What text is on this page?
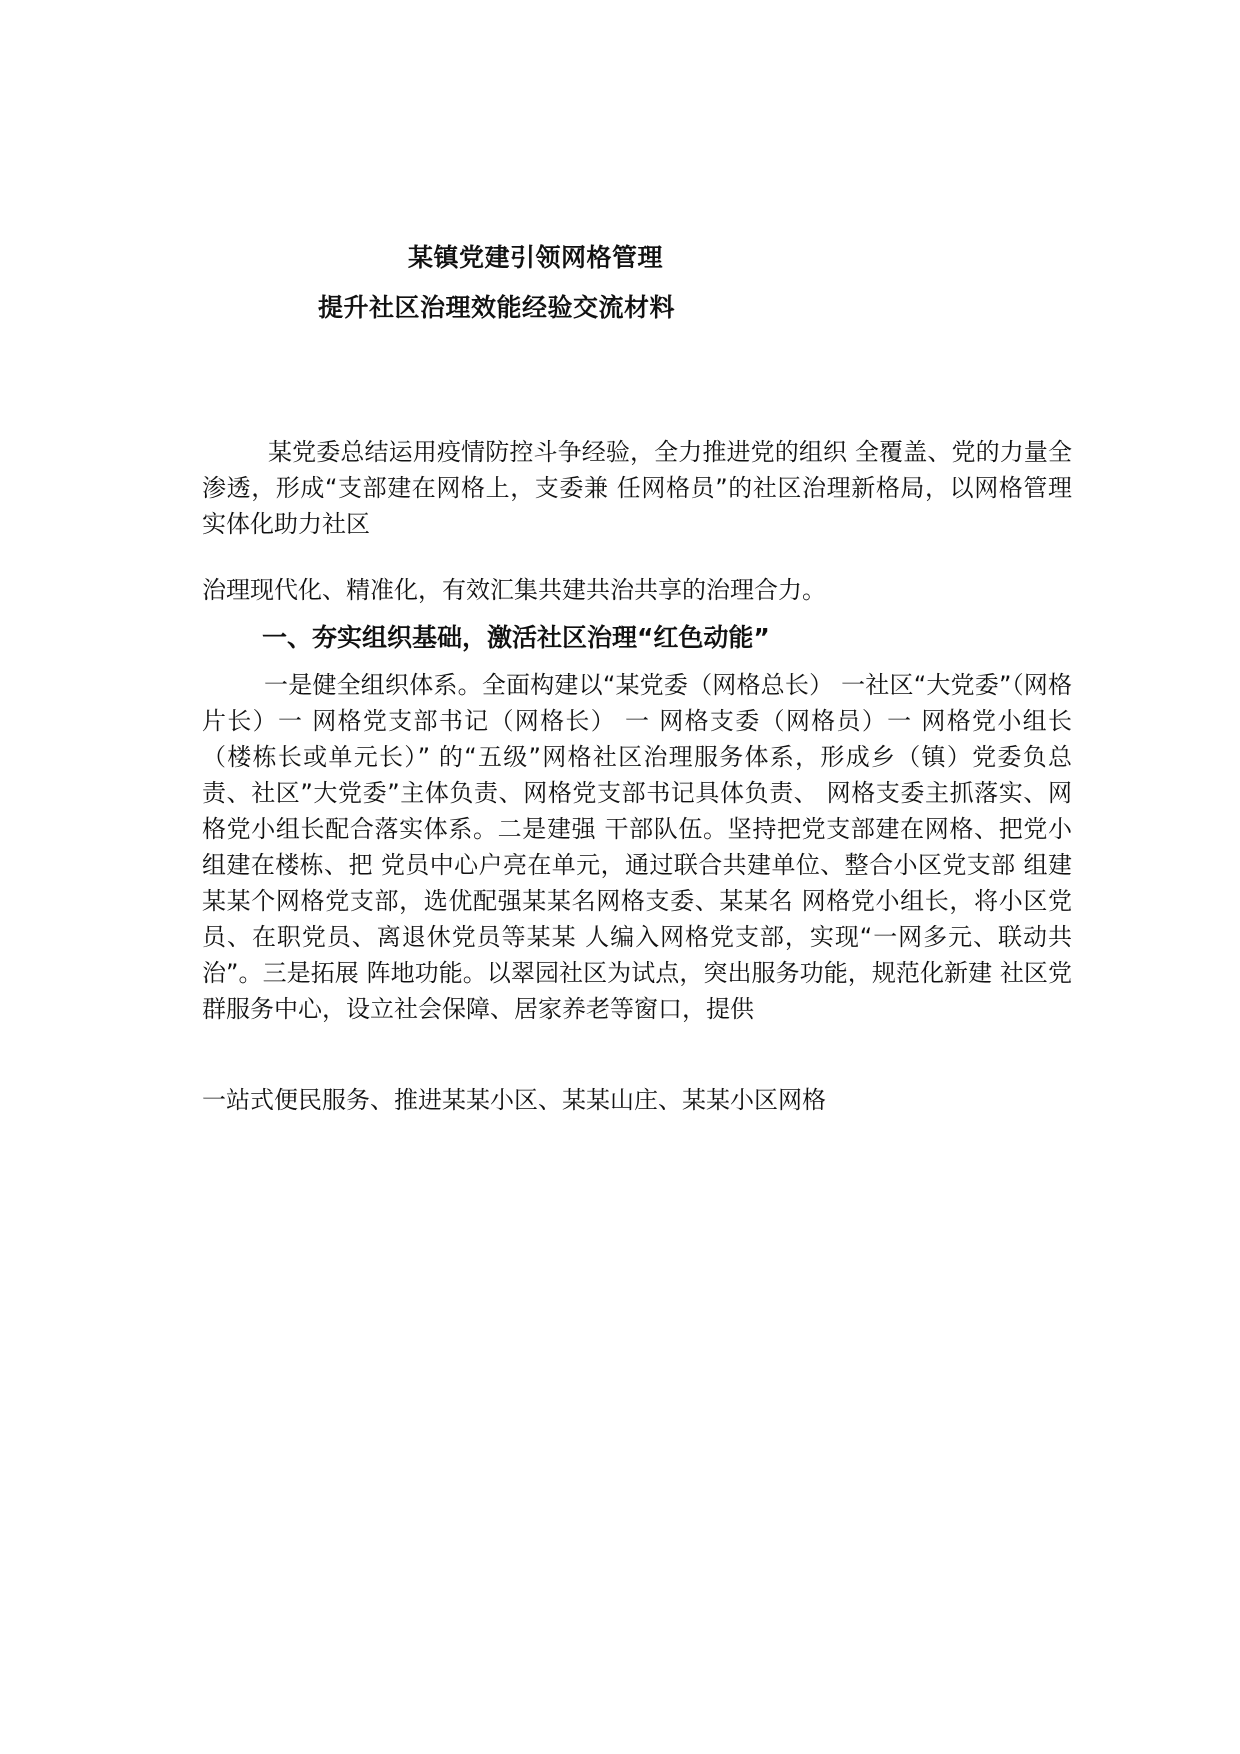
某镇党建引领网格管理
提升社区治理效能经验交流材料
某党委总结运用疫情防控斗争经验，全力推进党的组织 全覆盖、党的力量全渗透，形成“支部建在网格上，支委兼 任网格员”的社区治理新格局，以网格管理实体化助力社区
治理现代化、精准化，有效汇集共建共治共享的治理合力。
一、夯实组织基础，激活社区治理“红色动能”
一是健全组织体系。全面构建以“某党委（网格总长） 一社区“大党委”（网格片长）一 网格党支部书记（网格长） 一 网格支委（网格员）一 网格党小组长（楼栋长或单元长）” 的“五级”网格社区治理服务体系，形成乡（镇）党委负总 责、社区”大党委”主体负责、网格党支部书记具体负责、 网格支委主抓落实、网格党小组长配合落实体系。二是建强 干部队伍。坚持把党支部建在网格、把党小组建在楼栋、把 党员中心户亮在单元，通过联合共建单位、整合小区党支部 组建某某个网格党支部，选优配强某某名网格支委、某某名 网格党小组长，将小区党员、在职党员、离退休党员等某某 人编入网格党支部，实现“一网多元、联动共治”。三是拓展 阵地功能。以翠园社区为试点，突出服务功能，规范化新建 社区党群服务中心，设立社会保障、居家养老等窗口，提供
一站式便民服务、推进某某小区、某某山庄、某某小区网格
